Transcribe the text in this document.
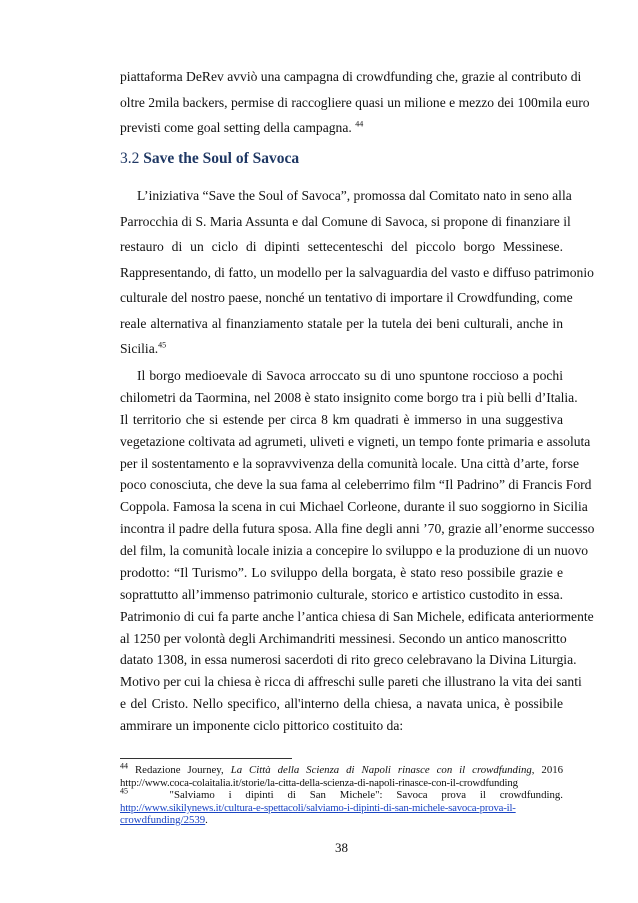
piattaforma DeRev avviò una campagna di crowdfunding che, grazie al contributo di
oltre 2mila backers, permise di raccogliere quasi un milione e mezzo dei 100mila euro
previsti come goal setting della campagna. $^{44}$
3.2 Save the Soul of Savoca
L’iniziativa “Save the Soul of Savoca”, promossa dal Comitato nato in seno alla
Parrocchia di S. Maria Assunta e dal Comune di Savoca, si propone di finanziare il
restauro di un ciclo di dipinti settecenteschi del piccolo borgo Messinese.
Rappresentando, di fatto, un modello per la salvaguardia del vasto e diffuso patrimonio
culturale del nostro paese, nonché un tentativo di importare il Crowdfunding, come
reale alternativa al finanziamento statale per la tutela dei beni culturali, anche in
Sicilia.$^{45}$
Il borgo medioevale di Savoca arroccato su di uno spuntone roccioso a pochi
chilometri da Taormina, nel 2008 è stato insignito come borgo tra i più belli d’Italia.
Il territorio che si estende per circa 8 km quadrati è immerso in una suggestiva
vegetazione coltivata ad agrumeti, uliveti e vigneti, un tempo fonte primaria e assoluta
per il sostentamento e la sopravvivenza della comunità locale. Una città d’arte, forse
poco conosciuta, che deve la sua fama al celeberrimo film “Il Padrino” di Francis Ford
Coppola. Famosa la scena in cui Michael Corleone, durante il suo soggiorno in Sicilia
incontra il padre della futura sposa. Alla fine degli anni ’70, grazie all’enorme successo
del film, la comunità locale inizia a concepire lo sviluppo e la produzione di un nuovo
prodotto: “Il Turismo”. Lo sviluppo della borgata, è stato reso possibile grazie e
soprattutto all’immenso patrimonio culturale, storico e artistico custodito in essa.
Patrimonio di cui fa parte anche l’antica chiesa di San Michele, edificata anteriormente
al 1250 per volontà degli Archimandriti messinesi. Secondo un antico manoscritto
datato 1308, in essa numerosi sacerdoti di rito greco celebravano la Divina Liturgia.
Motivo per cui la chiesa è ricca di affreschi sulle pareti che illustrano la vita dei santi
e del Cristo. Nello specifico, all'interno della chiesa, a navata unica, è possibile
ammirare un imponente ciclo pittorico costituito da:
$^{44}$ Redazione Journey, La Città della Scienza di Napoli rinasce con il crowdfunding, 2016
http://www.coca-colaitalia.it/storie/la-citta-della-scienza-di-napoli-rinasce-con-il-crowdfunding
$^{45}$	"Salviamo i dipinti di San Michele": Savoca prova il crowdfunding.
http://www.sikilynews.it/cultura-e-spettacoli/salviamo-i-dipinti-di-san-michele-savoca-prova-il-
crowdfunding/2539.
38
